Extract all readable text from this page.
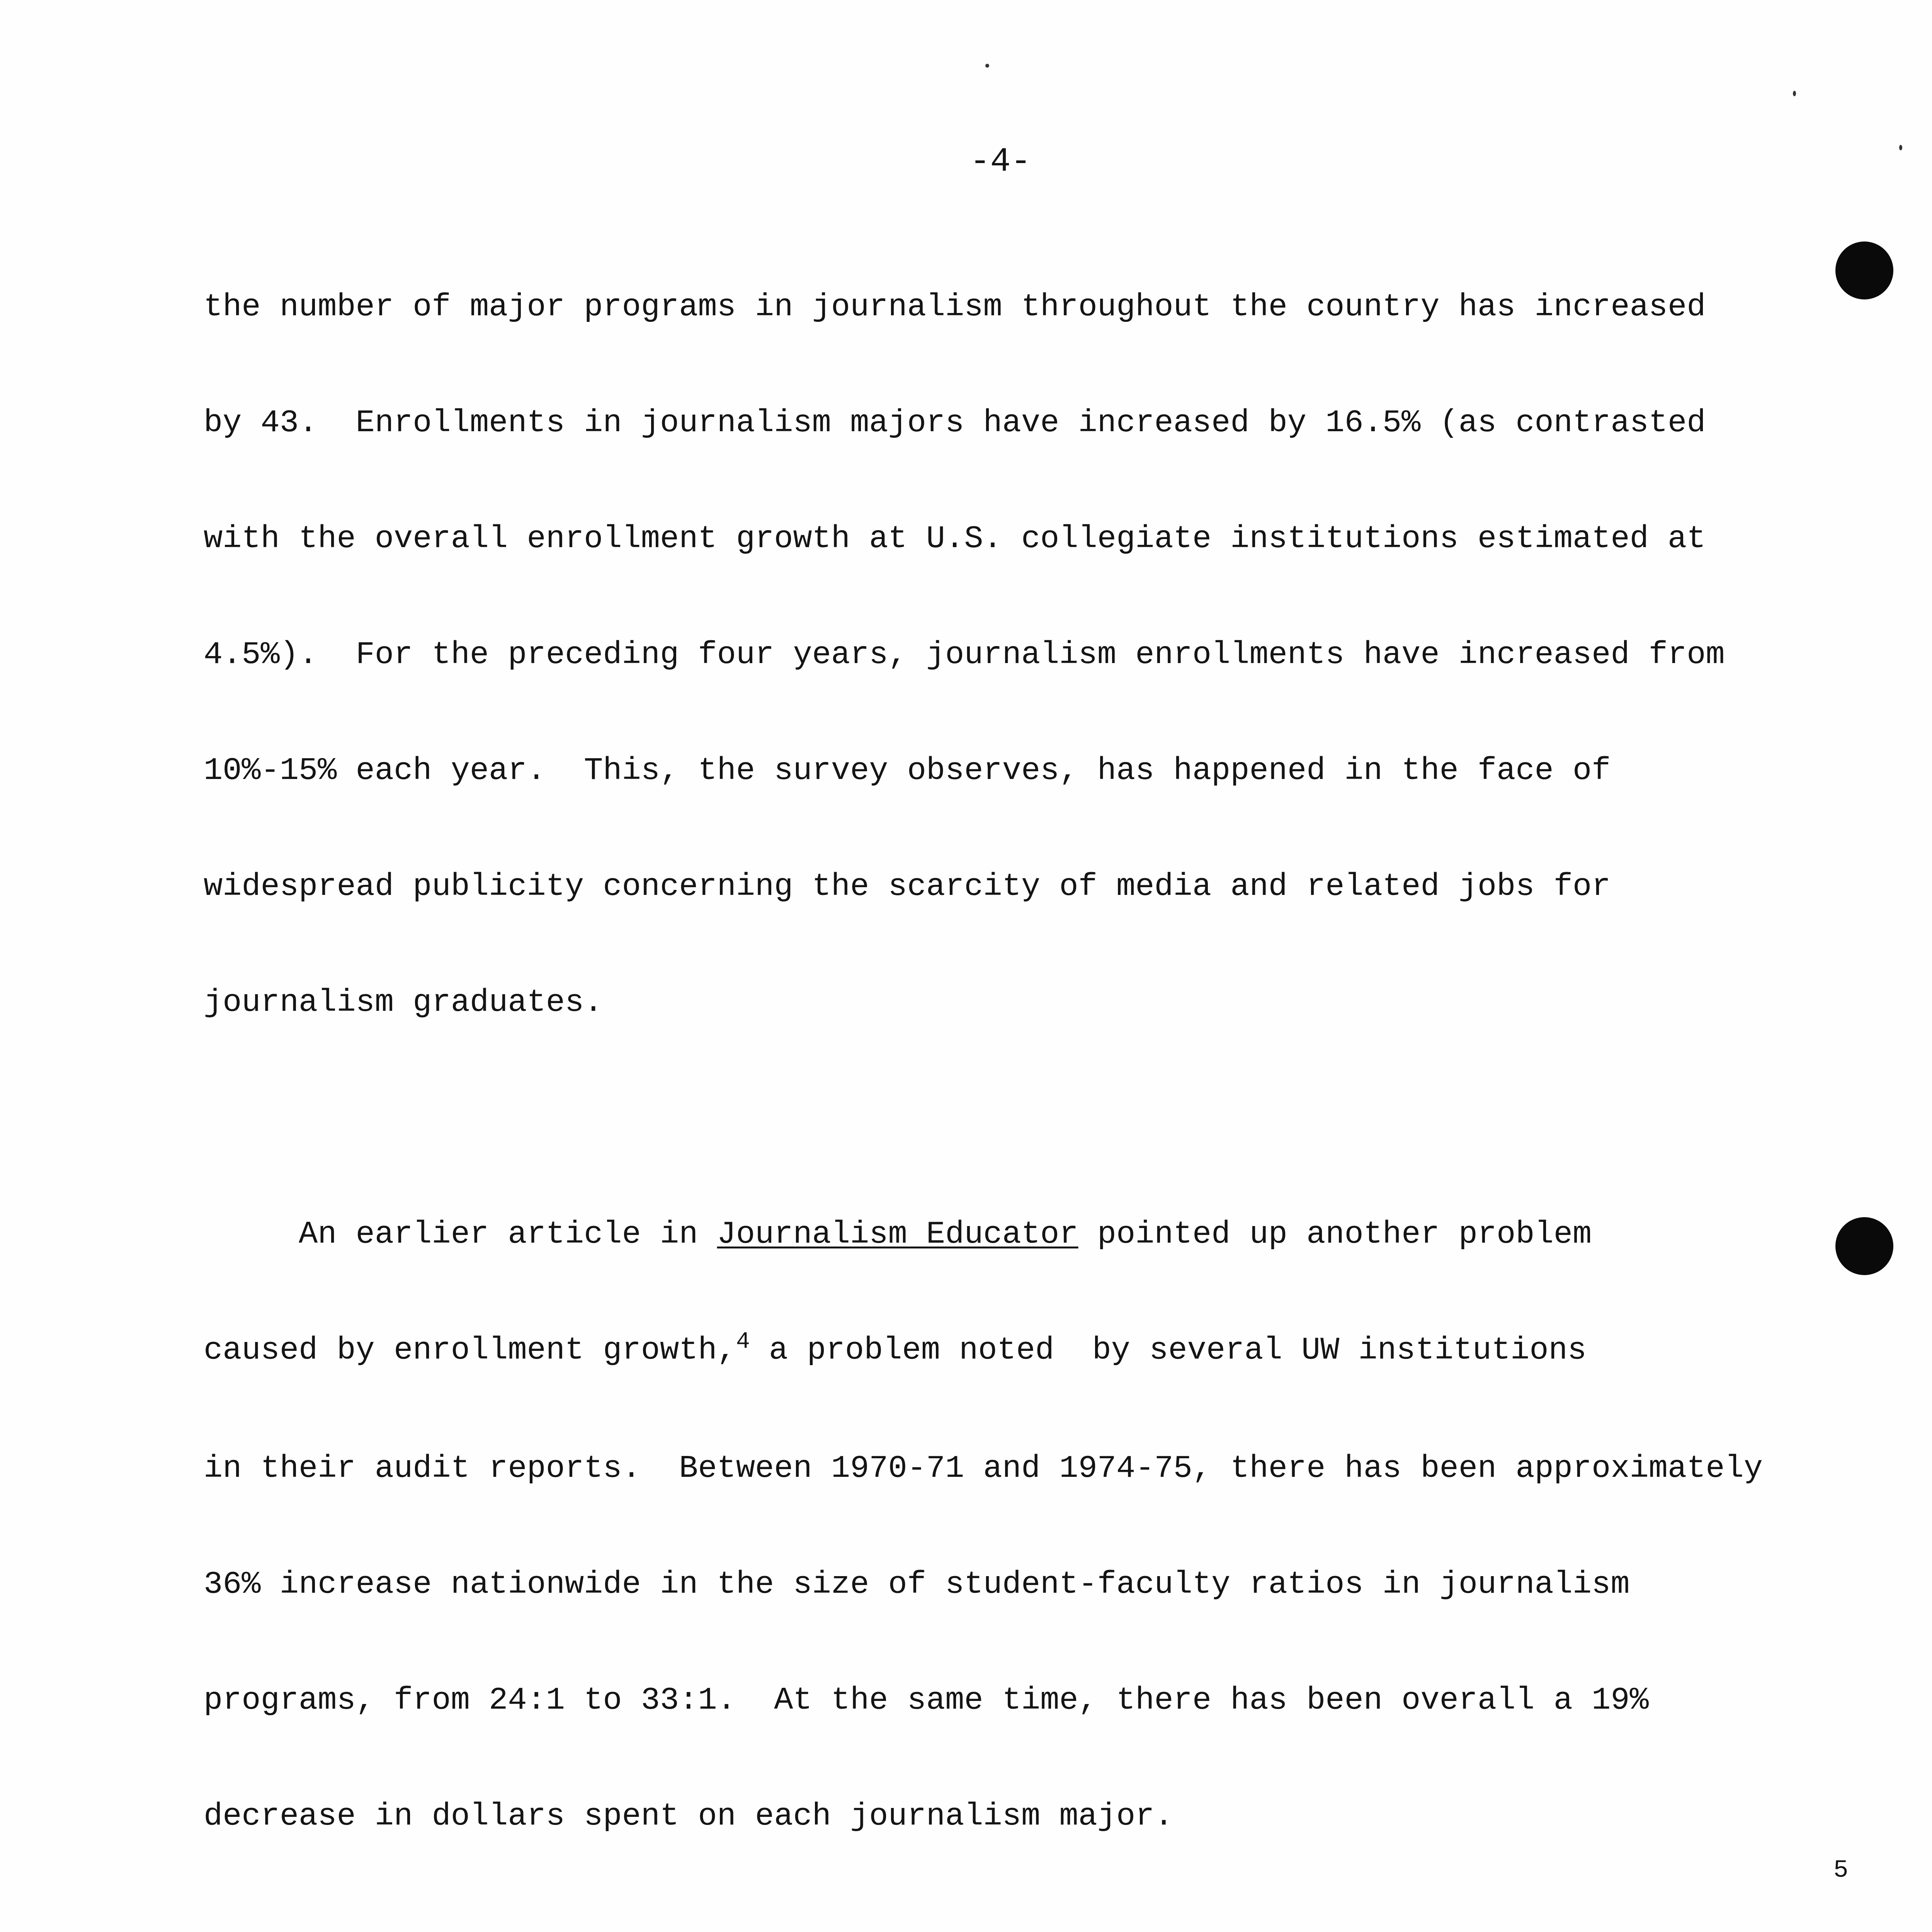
-4-

the number of major programs in journalism throughout the country has increased

by 43.  Enrollments in journalism majors have increased by 16.5% (as contrasted

with the overall enrollment growth at U.S. collegiate institutions estimated at

4.5%).  For the preceding four years, journalism enrollments have increased from

10%-15% each year.  This, the survey observes, has happened in the face of

widespread publicity concerning the scarcity of media and related jobs for

journalism graduates.

An earlier article in Journalism Educator pointed up another problem

caused by enrollment growth,$^4$ a problem noted  by several UW institutions

in their audit reports.  Between 1970-71 and 1974-75, there has been approximately

36% increase nationwide in the size of student-faculty ratios in journalism

programs, from 24:1 to 33:1.  At the same time, there has been overall a 19%

decrease in dollars spent on each journalism major.

5
